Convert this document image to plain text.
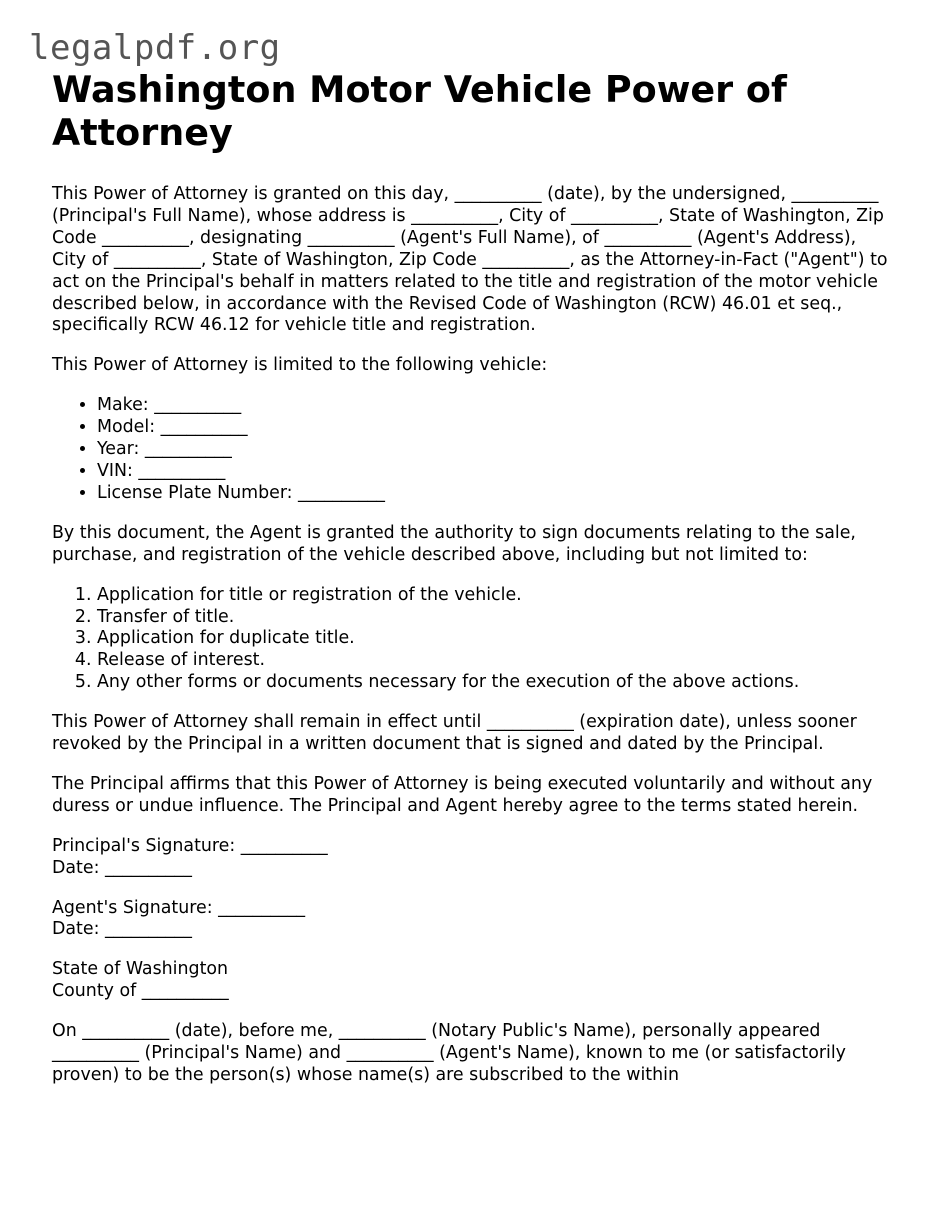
legalpdf.org
Washington Motor Vehicle Power of Attorney

This Power of Attorney is granted on this day, __________ (date), by the undersigned, __________ (Principal's Full Name), whose address is __________, City of __________, State of Washington, Zip Code __________, designating __________ (Agent's Full Name), of __________ (Agent's Address), City of __________, State of Washington, Zip Code __________, as the Attorney-in-Fact ("Agent") to act on the Principal's behalf in matters related to the title and registration of the motor vehicle described below, in accordance with the Revised Code of Washington (RCW) 46.01 et seq., specifically RCW 46.12 for vehicle title and registration.

This Power of Attorney is limited to the following vehicle:

• Make: __________
• Model: __________
• Year: __________
• VIN: __________
• License Plate Number: __________

By this document, the Agent is granted the authority to sign documents relating to the sale, purchase, and registration of the vehicle described above, including but not limited to:

1. Application for title or registration of the vehicle.
2. Transfer of title.
3. Application for duplicate title.
4. Release of interest.
5. Any other forms or documents necessary for the execution of the above actions.

This Power of Attorney shall remain in effect until __________ (expiration date), unless sooner revoked by the Principal in a written document that is signed and dated by the Principal.

The Principal affirms that this Power of Attorney is being executed voluntarily and without any duress or undue influence. The Principal and Agent hereby agree to the terms stated herein.

Principal's Signature: __________
Date: __________

Agent's Signature: __________
Date: __________

State of Washington
County of __________

On __________ (date), before me, __________ (Notary Public's Name), personally appeared __________ (Principal's Name) and __________ (Agent's Name), known to me (or satisfactorily proven) to be the person(s) whose name(s) are subscribed to the within
